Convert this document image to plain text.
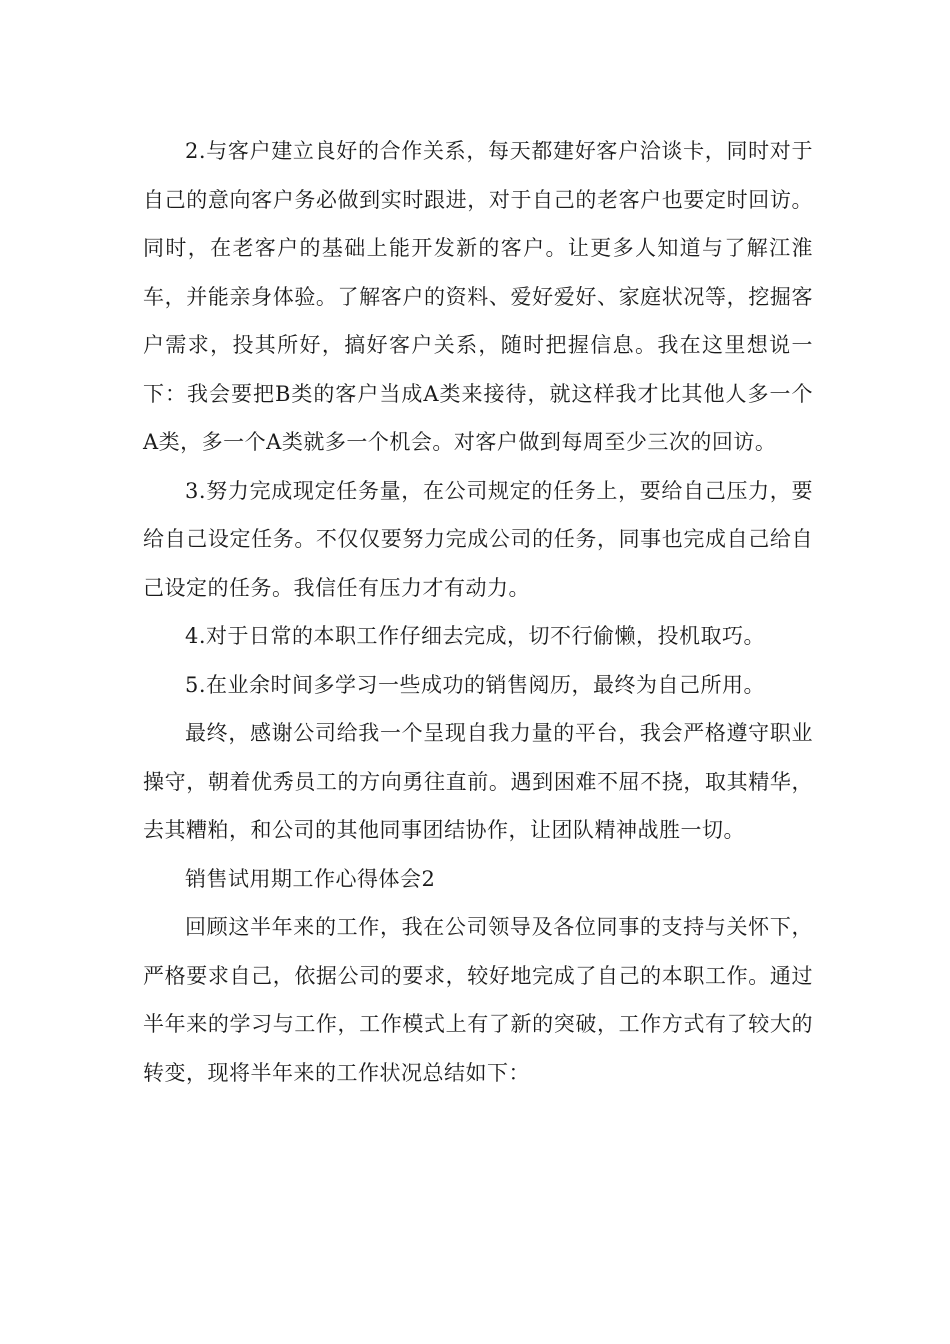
2.与客户建立良好的合作关系，每天都建好客户洽谈卡，同时对于自己的意向客户务必做到实时跟进，对于自己的老客户也要定时回访。同时，在老客户的基础上能开发新的客户。让更多人知道与了解江淮车，并能亲身体验。了解客户的资料、爱好爱好、家庭状况等，挖掘客户需求，投其所好，搞好客户关系，随时把握信息。我在这里想说一下：我会要把B类的客户当成A类来接待，就这样我才比其他人多一个A类，多一个A类就多一个机会。对客户做到每周至少三次的回访。

3.努力完成现定任务量，在公司规定的任务上，要给自己压力，要给自己设定任务。不仅仅要努力完成公司的任务，同事也完成自己给自己设定的任务。我信任有压力才有动力。

4.对于日常的本职工作仔细去完成，切不行偷懒，投机取巧。

5.在业余时间多学习一些成功的销售阅历，最终为自己所用。

最终，感谢公司给我一个呈现自我力量的平台，我会严格遵守职业操守，朝着优秀员工的方向勇往直前。遇到困难不屈不挠，取其精华，去其糟粕，和公司的其他同事团结协作，让团队精神战胜一切。

销售试用期工作心得体会2

回顾这半年来的工作，我在公司领导及各位同事的支持与关怀下，严格要求自己，依据公司的要求，较好地完成了自己的本职工作。通过半年来的学习与工作，工作模式上有了新的突破，工作方式有了较大的转变，现将半年来的工作状况总结如下：
